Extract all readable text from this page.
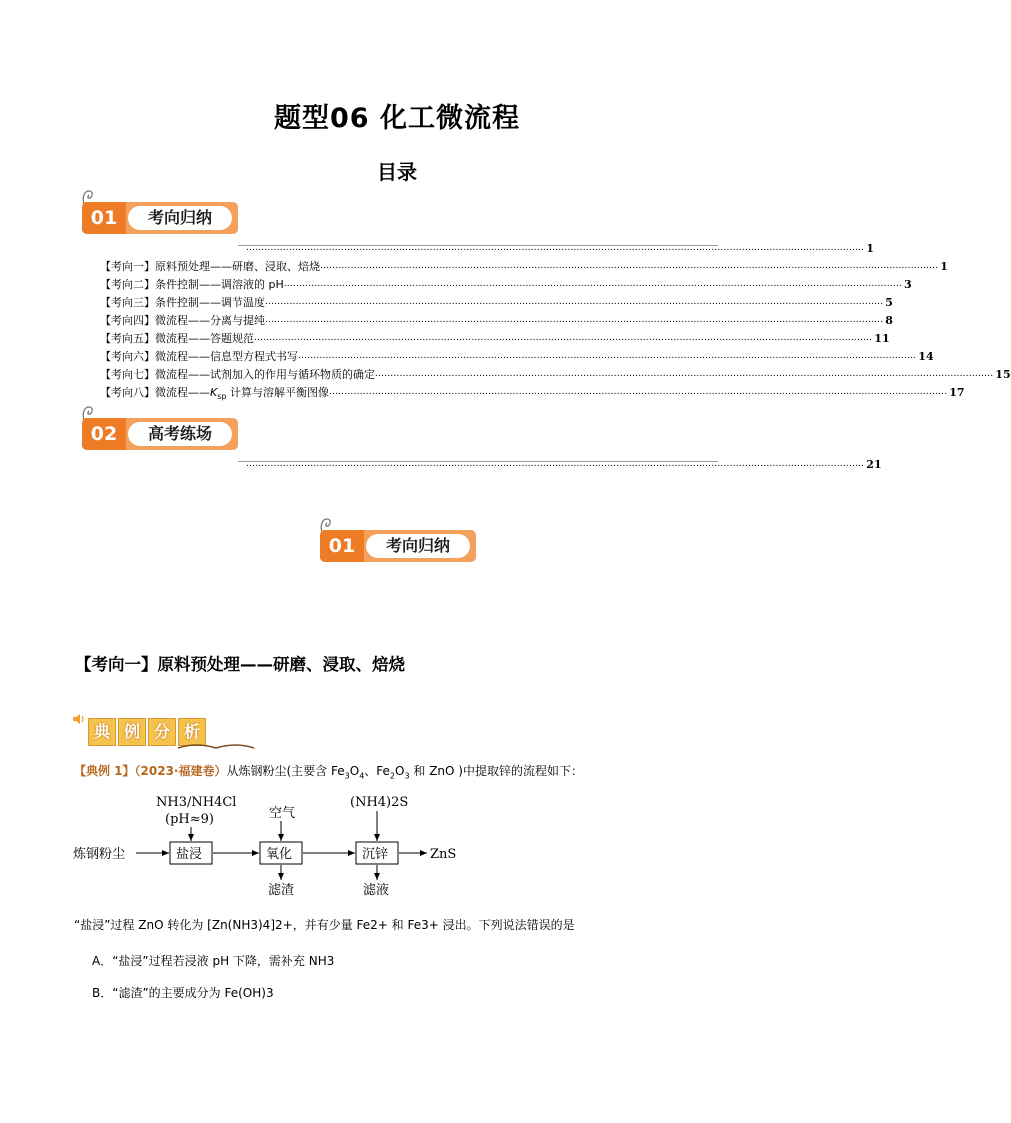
题型06 化工微流程
目录
01	考向归纳
.......................................................................................................................................................................................................... 1
【考向一】原料预处理——研磨、浸取、焙烧 .......................................................................................................................................................................................................... 1
【考向二】条件控制——调溶液的 pH .......................................................................................................................................................................................................... 3
【考向三】条件控制——调节温度 .......................................................................................................................................................................................................... 5
【考向四】微流程——分离与提纯 .......................................................................................................................................................................................................... 8
【考向五】微流程——答题规范 .......................................................................................................................................................................................................... 11
【考向六】微流程——信息型方程式书写 .......................................................................................................................................................................................................... 14
【考向七】微流程——试剂加入的作用与循环物质的确定 .......................................................................................................................................................................................................... 15
【考向八】微流程$——K_{sp}$ 计算与溶解平衡图像 .......................................................................................................................................................................................................... 17
02	高考练场
.......................................................................................................................................................................................................... 21
01	考向归纳
【考向一】原料预处理——研磨、浸取、焙烧
典 例 分 析
【典例 1】（2023·福建卷）从炼钢粉尘(主要含 $Fe_3O_4$、$Fe_2O_3$ 和 ZnO )中提取锌的流程如下：
NH3/NH4Cl
(pH≈9)	空气
(NH4)2S
炼钢粉尘	盐浸	氧化	沉锌	ZnS
滤渣	滤液
“盐浸”过程 ZnO 转化为 [Zn(NH3)4]2+，并有少量 Fe2+ 和 Fe3+ 浸出。下列说法错误的是
A．“盐浸”过程若浸液 pH 下降，需补充 NH3
B．“滤渣”的主要成分为 Fe(OH)3
